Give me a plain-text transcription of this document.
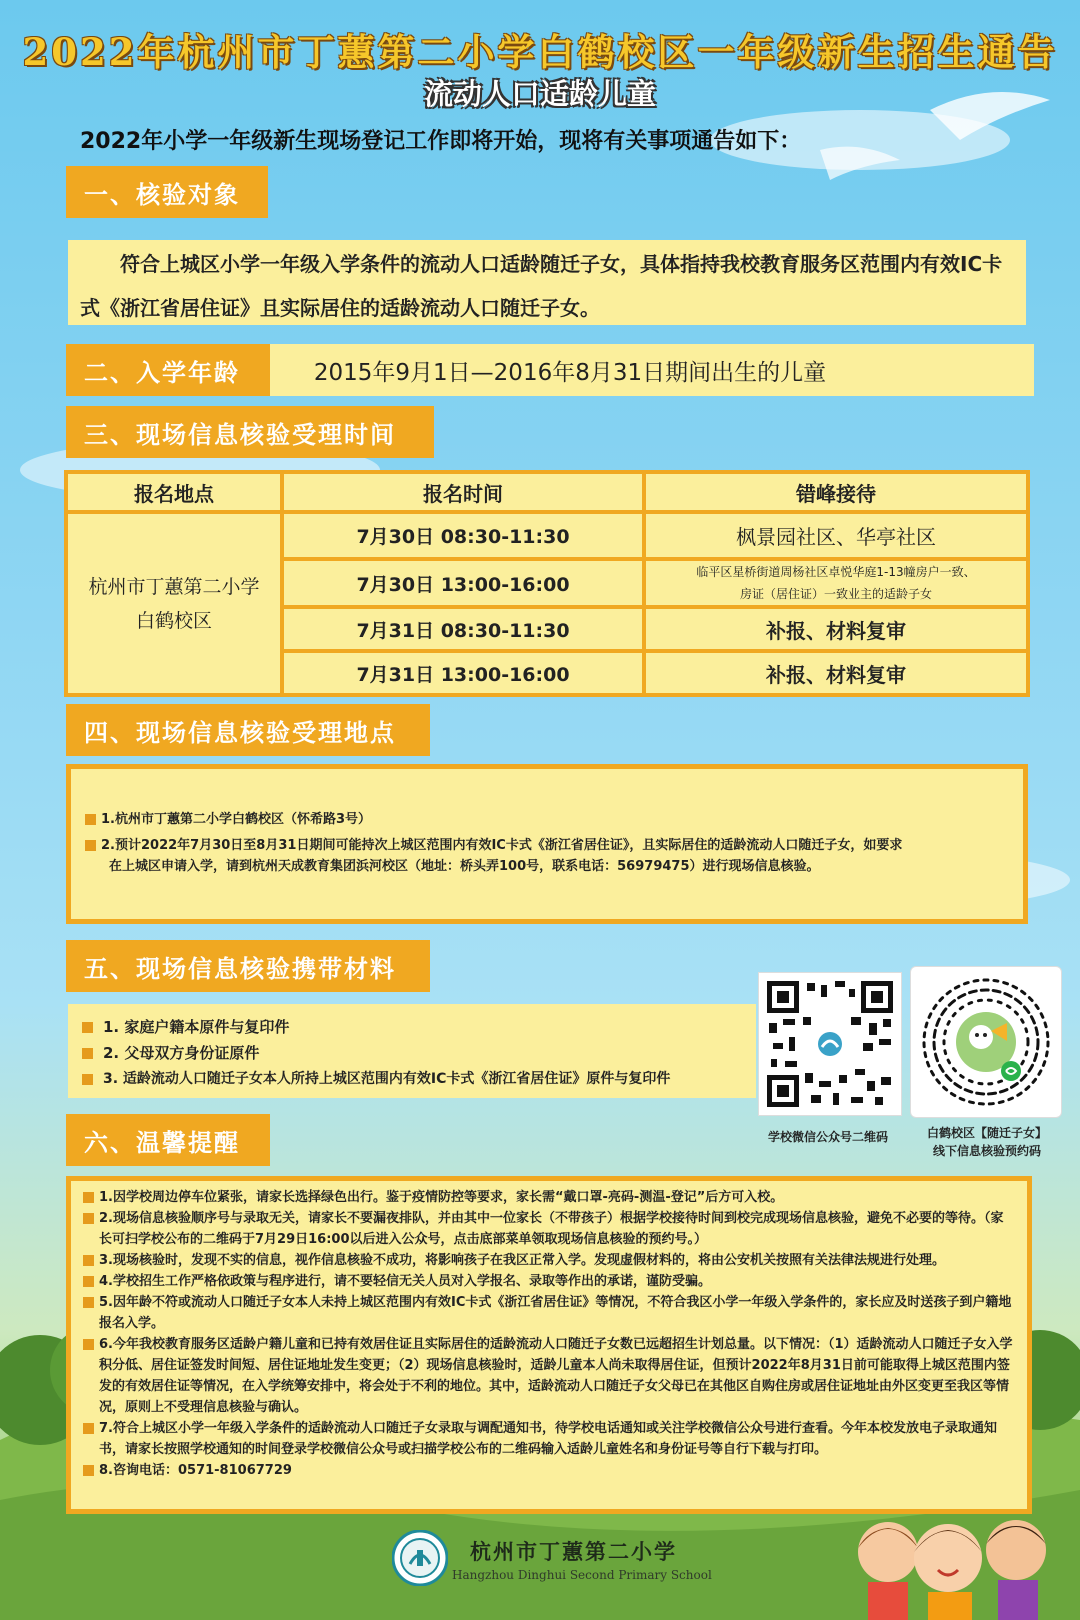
2022年杭州市丁蕙第二小学白鹤校区一年级新生招生通告
流动人口适龄儿童
2022年小学一年级新生现场登记工作即将开始，现将有关事项通告如下：
一、核验对象
符合上城区小学一年级入学条件的流动人口适龄随迁子女，具体指持我校教育服务区范围内有效IC卡式《浙江省居住证》且实际居住的适龄流动人口随迁子女。
二、入学年龄	2015年9月1日—2016年8月31日期间出生的儿童
三、现场信息核验受理时间
报名地点	报名时间	错峰接待

杭州市丁蕙第二小学
白鹤校区	7月30日 08:30-11:30	枫景园社区、华亭社区
	7月30日 13:00-16:00	临平区星桥街道周杨社区卓悦华庭1-13幢房户一致、
房证（居住证）一致业主的适龄子女

	7月31日 08:30-11:30	补报、材料复审
	7月31日 13:00-16:00	补报、材料复审
四、现场信息核验受理地点
1.杭州市丁蕙第二小学白鹤校区（怀希路3号）
2.预计2022年7月30日至8月31日期间可能持次上城区范围内有效IC卡式《浙江省居住证》，且实际居住的适龄流动人口随迁子女，如要求
在上城区申请入学，请到杭州天成教育集团浜河校区（地址：桥头弄100号，联系电话：56979475）进行现场信息核验。
五、现场信息核验携带材料
1. 家庭户籍本原件与复印件
2. 父母双方身份证原件
3. 适龄流动人口随迁子女本人所持上城区范围内有效IC卡式《浙江省居住证》原件与复印件
学校微信公众号二维码	白鹤校区【随迁子女】
线下信息核验预约码
六、温馨提醒
1.因学校周边停车位紧张，请家长选择绿色出行。鉴于疫情防控等要求，家长需“戴口罩-亮码-测温-登记”后方可入校。
2.现场信息核验顺序号与录取无关，请家长不要漏夜排队，并由其中一位家长（不带孩子）根据学校接待时间到校完成现场信息核验，避免不必要的等待。（家长可扫学校公布的二维码于7月29日16:00以后进入公众号，点击底部菜单领取现场信息核验的预约号。）
3.现场核验时，发现不实的信息，视作信息核验不成功，将影响孩子在我区正常入学。发现虚假材料的，将由公安机关按照有关法律法规进行处理。
4.学校招生工作严格依政策与程序进行，请不要轻信无关人员对入学报名、录取等作出的承诺，谨防受骗。
5.因年龄不符或流动人口随迁子女本人未持上城区范围内有效IC卡式《浙江省居住证》等情况，不符合我区小学一年级入学条件的，家长应及时送孩子到户籍地报名入学。
6.今年我校教育服务区适龄户籍儿童和已持有效居住证且实际居住的适龄流动人口随迁子女数已远超招生计划总量。以下情况：（1）适龄流动人口随迁子女入学积分低、居住证签发时间短、居住证地址发生变更；（2）现场信息核验时，适龄儿童本人尚未取得居住证，但预计2022年8月31日前可能取得上城区范围内签发的有效居住证等情况，在入学统筹安排中，将会处于不利的地位。其中，适龄流动人口随迁子女父母已在其他区自购住房或居住证地址由外区变更至我区等情况，原则上不受理信息核验与确认。
7.符合上城区小学一年级入学条件的适龄流动人口随迁子女录取与调配通知书，待学校电话通知或关注学校微信公众号进行查看。今年本校发放电子录取通知书，请家长按照学校通知的时间登录学校微信公众号或扫描学校公布的二维码输入适龄儿童姓名和身份证号等自行下载与打印。
8.咨询电话：0571-81067729
杭州市丁蕙第二小学
Hangzhou Dinghui Second Primary School
